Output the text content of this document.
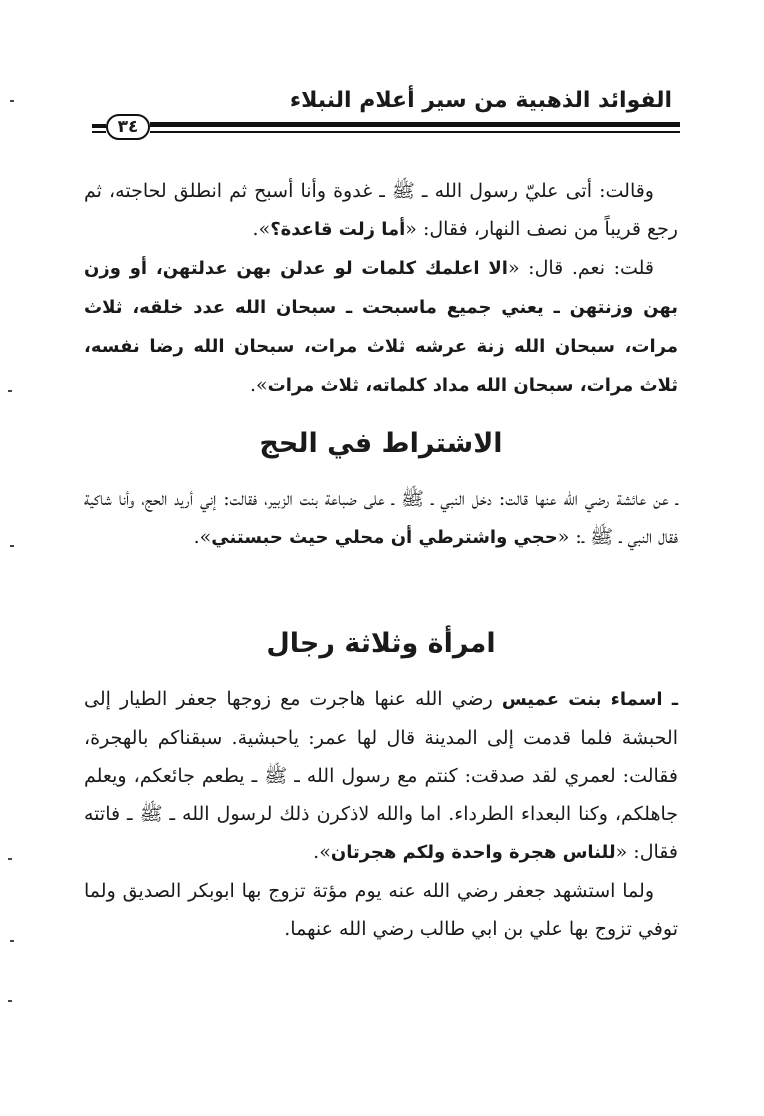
الفوائد الذهبية من سير أعلام النبلاء
٣٤

وقالت: أتى عليّ رسول الله ـ ﷺ ـ غدوة وأنا أسبح ثم انطلق لحاجته، ثم رجع قريباً من نصف النهار، فقال: «أما زلت قاعدة؟».

قلت: نعم. قال: «الا اعلمك كلمات لو عدلن بهن عدلتهن، أو وزن بهن وزنتهن ـ يعني جميع ماسبحت ـ سبحان الله عدد خلقه، ثلاث مرات، سبحان الله زنة عرشه ثلاث مرات، سبحان الله رضا نفسه، ثلاث مرات، سبحان الله مداد كلماته، ثلاث مرات».

الاشتراط في الحج

ـ عن عائشة رضي الله عنها قالت: دخل النبي ـ ﷺ ـ على ضباعة بنت الزبير، فقالت: إني أريد الحج، وأنا شاكية فقال النبي ـ ﷺ ـ: «حجي واشترطي أن محلي حيث حبستني».

امرأة وثلاثة رجال

ـ اسماء بنت عميس رضي الله عنها هاجرت مع زوجها جعفر الطيار إلى الحبشة فلما قدمت إلى المدينة قال لها عمر: ياحبشية. سبقناكم بالهجرة، فقالت: لعمري لقد صدقت: كنتم مع رسول الله ـ ﷺ ـ يطعم جائعكم، ويعلم جاهلكم، وكنا البعداء الطرداء. اما والله لاذكرن ذلك لرسول الله ـ ﷺ ـ فاتته فقال: «للناس هجرة واحدة ولكم هجرتان».

ولما استشهد جعفر رضي الله عنه يوم مؤتة تزوج بها ابوبكر الصديق ولما توفي تزوج بها علي بن ابي طالب رضي الله عنهما.
